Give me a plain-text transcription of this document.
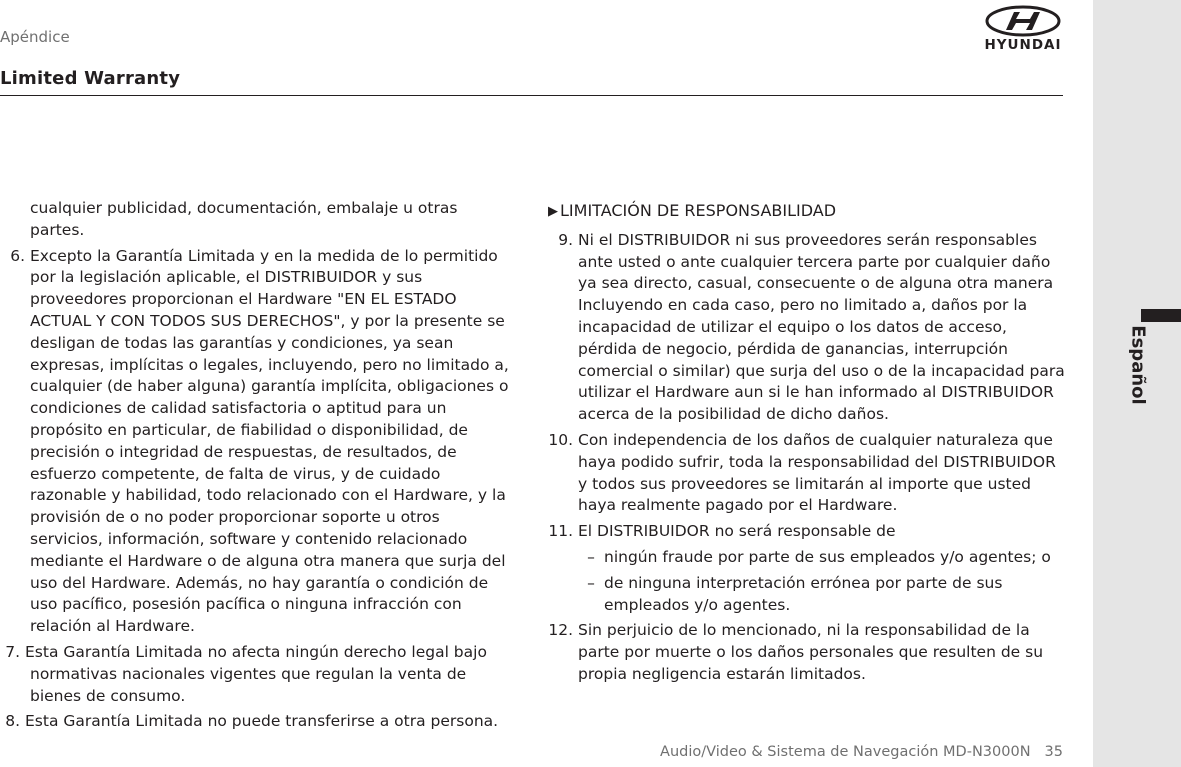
Apéndice
Limited Warranty
HYUNDAI
Español
cualquier publicidad, documentación, embalaje u otras partes.
6. Excepto la Garantía Limitada y en la medida de lo permitido por la legislación aplicable, el DISTRIBUIDOR y sus proveedores proporcionan el Hardware "EN EL ESTADO ACTUAL Y CON TODOS SUS DERECHOS", y por la presente se desligan de todas las garantías y condiciones, ya sean expresas, implícitas o legales, incluyendo, pero no limitado a, cualquier (de haber alguna) garantía implícita, obligaciones o condiciones de calidad satisfactoria o aptitud para un propósito en particular, de fiabilidad o disponibilidad, de precisión o integridad de respuestas, de resultados, de esfuerzo competente, de falta de virus, y de cuidado razonable y habilidad, todo relacionado con el Hardware, y la provisión de o no poder proporcionar soporte u otros servicios, información, software y contenido relacionado mediante el Hardware o de alguna otra manera que surja del uso del Hardware. Además, no hay garantía o condición de uso pacífico, posesión pacífica o ninguna infracción con relación al Hardware.
7. Esta Garantía Limitada no afecta ningún derecho legal bajo normativas nacionales vigentes que regulan la venta de bienes de consumo.
8. Esta Garantía Limitada no puede transferirse a otra persona.
▶ LIMITACIÓN DE RESPONSABILIDAD
9. Ni el DISTRIBUIDOR ni sus proveedores serán responsables ante usted o ante cualquier tercera parte por cualquier daño ya sea directo, casual, consecuente o de alguna otra manera Incluyendo en cada caso, pero no limitado a, daños por la incapacidad de utilizar el equipo o los datos de acceso, pérdida de negocio, pérdida de ganancias, interrupción comercial o similar) que surja del uso o de la incapacidad para utilizar el Hardware aun si le han informado al DISTRIBUIDOR acerca de la posibilidad de dicho daños.
10. Con independencia de los daños de cualquier naturaleza que haya podido sufrir, toda la responsabilidad del DISTRIBUIDOR y todos sus proveedores se limitarán al importe que usted haya realmente pagado por el Hardware.
11. El DISTRIBUIDOR no será responsable de
– ningún fraude por parte de sus empleados y/o agentes; o
– de ninguna interpretación errónea por parte de sus empleados y/o agentes.
12. Sin perjuicio de lo mencionado, ni la responsabilidad de la parte por muerte o los daños personales que resulten de su propia negligencia estarán limitados.
Audio/Video & Sistema de Navegación MD-N3000N 35
